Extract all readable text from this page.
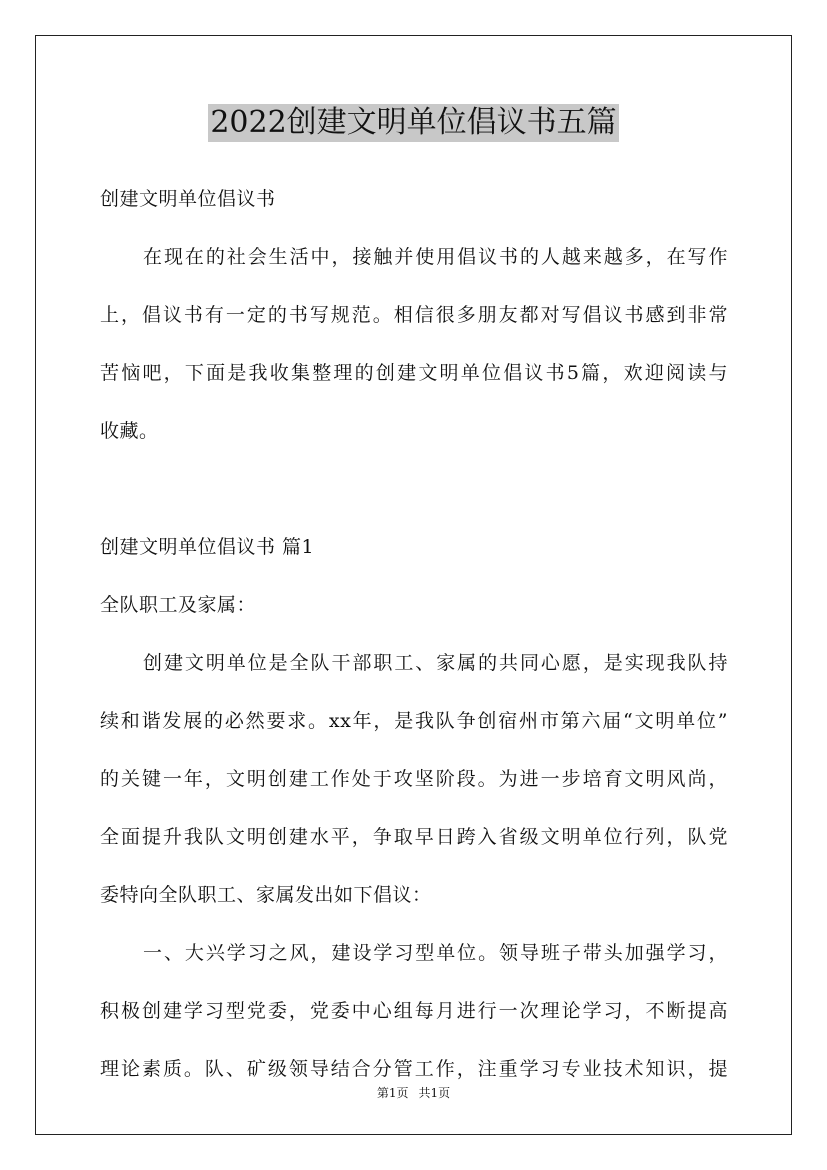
2022创建文明单位倡议书五篇
创建文明单位倡议书
在现在的社会生活中，接触并使用倡议书的人越来越多，在写作
上，倡议书有一定的书写规范。相信很多朋友都对写倡议书感到非常
苦恼吧，下面是我收集整理的创建文明单位倡议书5篇，欢迎阅读与
收藏。
创建文明单位倡议书 篇1
全队职工及家属：
创建文明单位是全队干部职工、家属的共同心愿，是实现我队持
续和谐发展的必然要求。xx年，是我队争创宿州市第六届“文明单位”
的关键一年，文明创建工作处于攻坚阶段。为进一步培育文明风尚，
全面提升我队文明创建水平，争取早日跨入省级文明单位行列，队党
委特向全队职工、家属发出如下倡议：
一、大兴学习之风，建设学习型单位。领导班子带头加强学习，
积极创建学习型党委，党委中心组每月进行一次理论学习，不断提高
理论素质。队、矿级领导结合分管工作，注重学习专业技术知识，提
第1页 共1页
